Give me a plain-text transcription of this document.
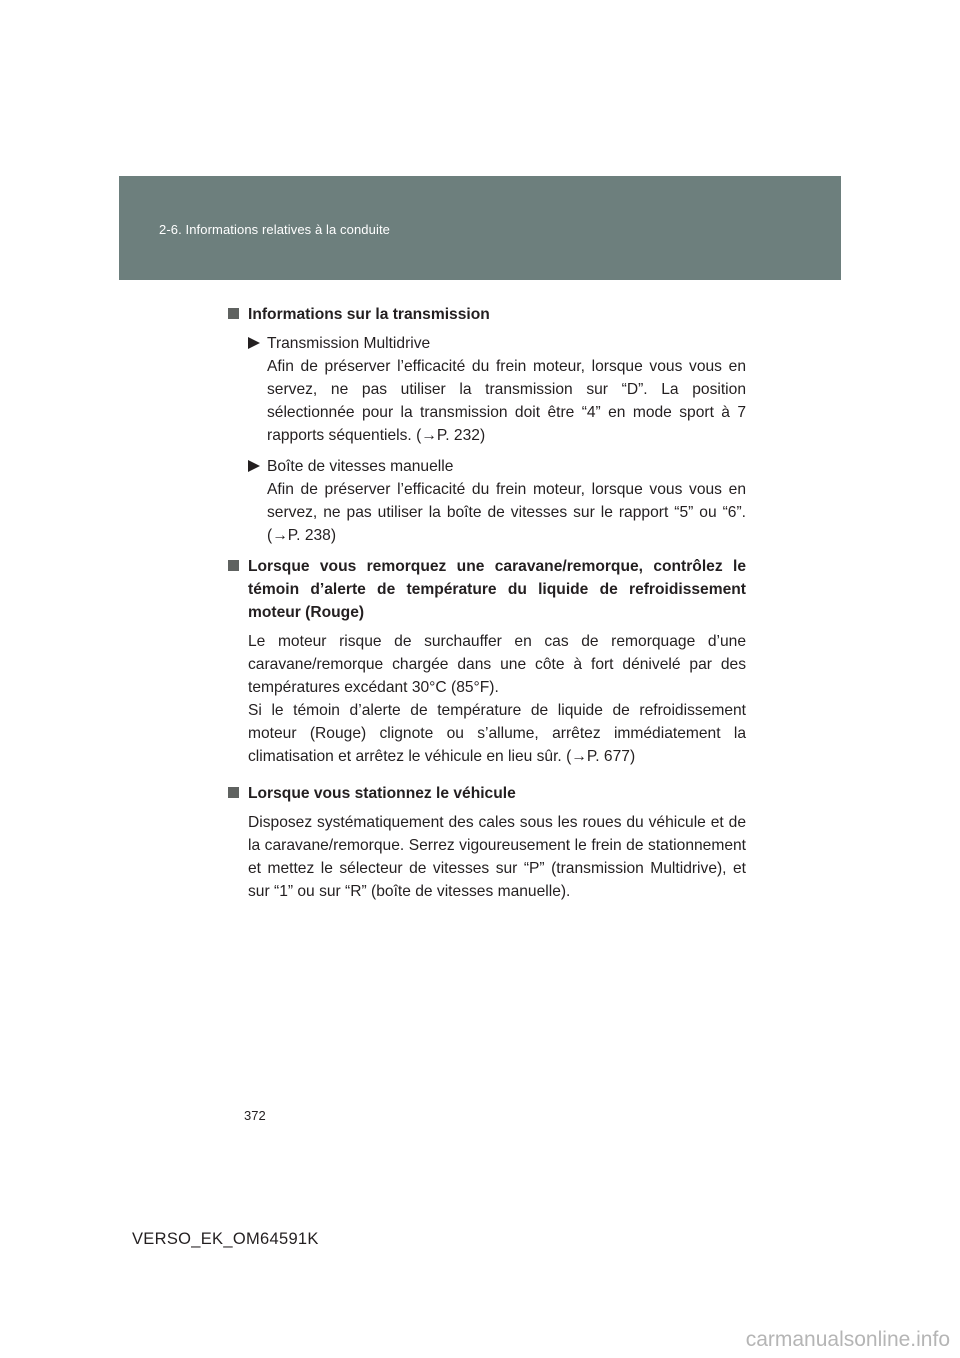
2-6. Informations relatives à la conduite
Informations sur la transmission
Transmission Multidrive
Afin de préserver l’efficacité du frein moteur, lorsque vous vous en servez, ne pas utiliser la transmission sur “D”. La position sélectionnée pour la transmission doit être “4” en mode sport à 7 rapports séquentiels. (→P. 232)
Boîte de vitesses manuelle
Afin de préserver l’efficacité du frein moteur, lorsque vous vous en servez, ne pas utiliser la boîte de vitesses sur le rapport “5” ou “6”. (→P. 238)
Lorsque vous remorquez une caravane/remorque, contrôlez le témoin d’alerte de température du liquide de refroidissement moteur (Rouge)
Le moteur risque de surchauffer en cas de remorquage d’une caravane/remorque chargée dans une côte à fort dénivelé par des températures excédant 30°C (85°F).
Si le témoin d’alerte de température de liquide de refroidissement moteur (Rouge) clignote ou s’allume, arrêtez immédiatement la climatisation et arrêtez le véhicule en lieu sûr. (→P. 677)
Lorsque vous stationnez le véhicule
Disposez systématiquement des cales sous les roues du véhicule et de la caravane/remorque. Serrez vigoureusement le frein de stationnement et mettez le sélecteur de vitesses sur “P” (transmission Multidrive), et sur “1” ou sur “R” (boîte de vitesses manuelle).
372
VERSO_EK_OM64591K
carmanualsonline.info
